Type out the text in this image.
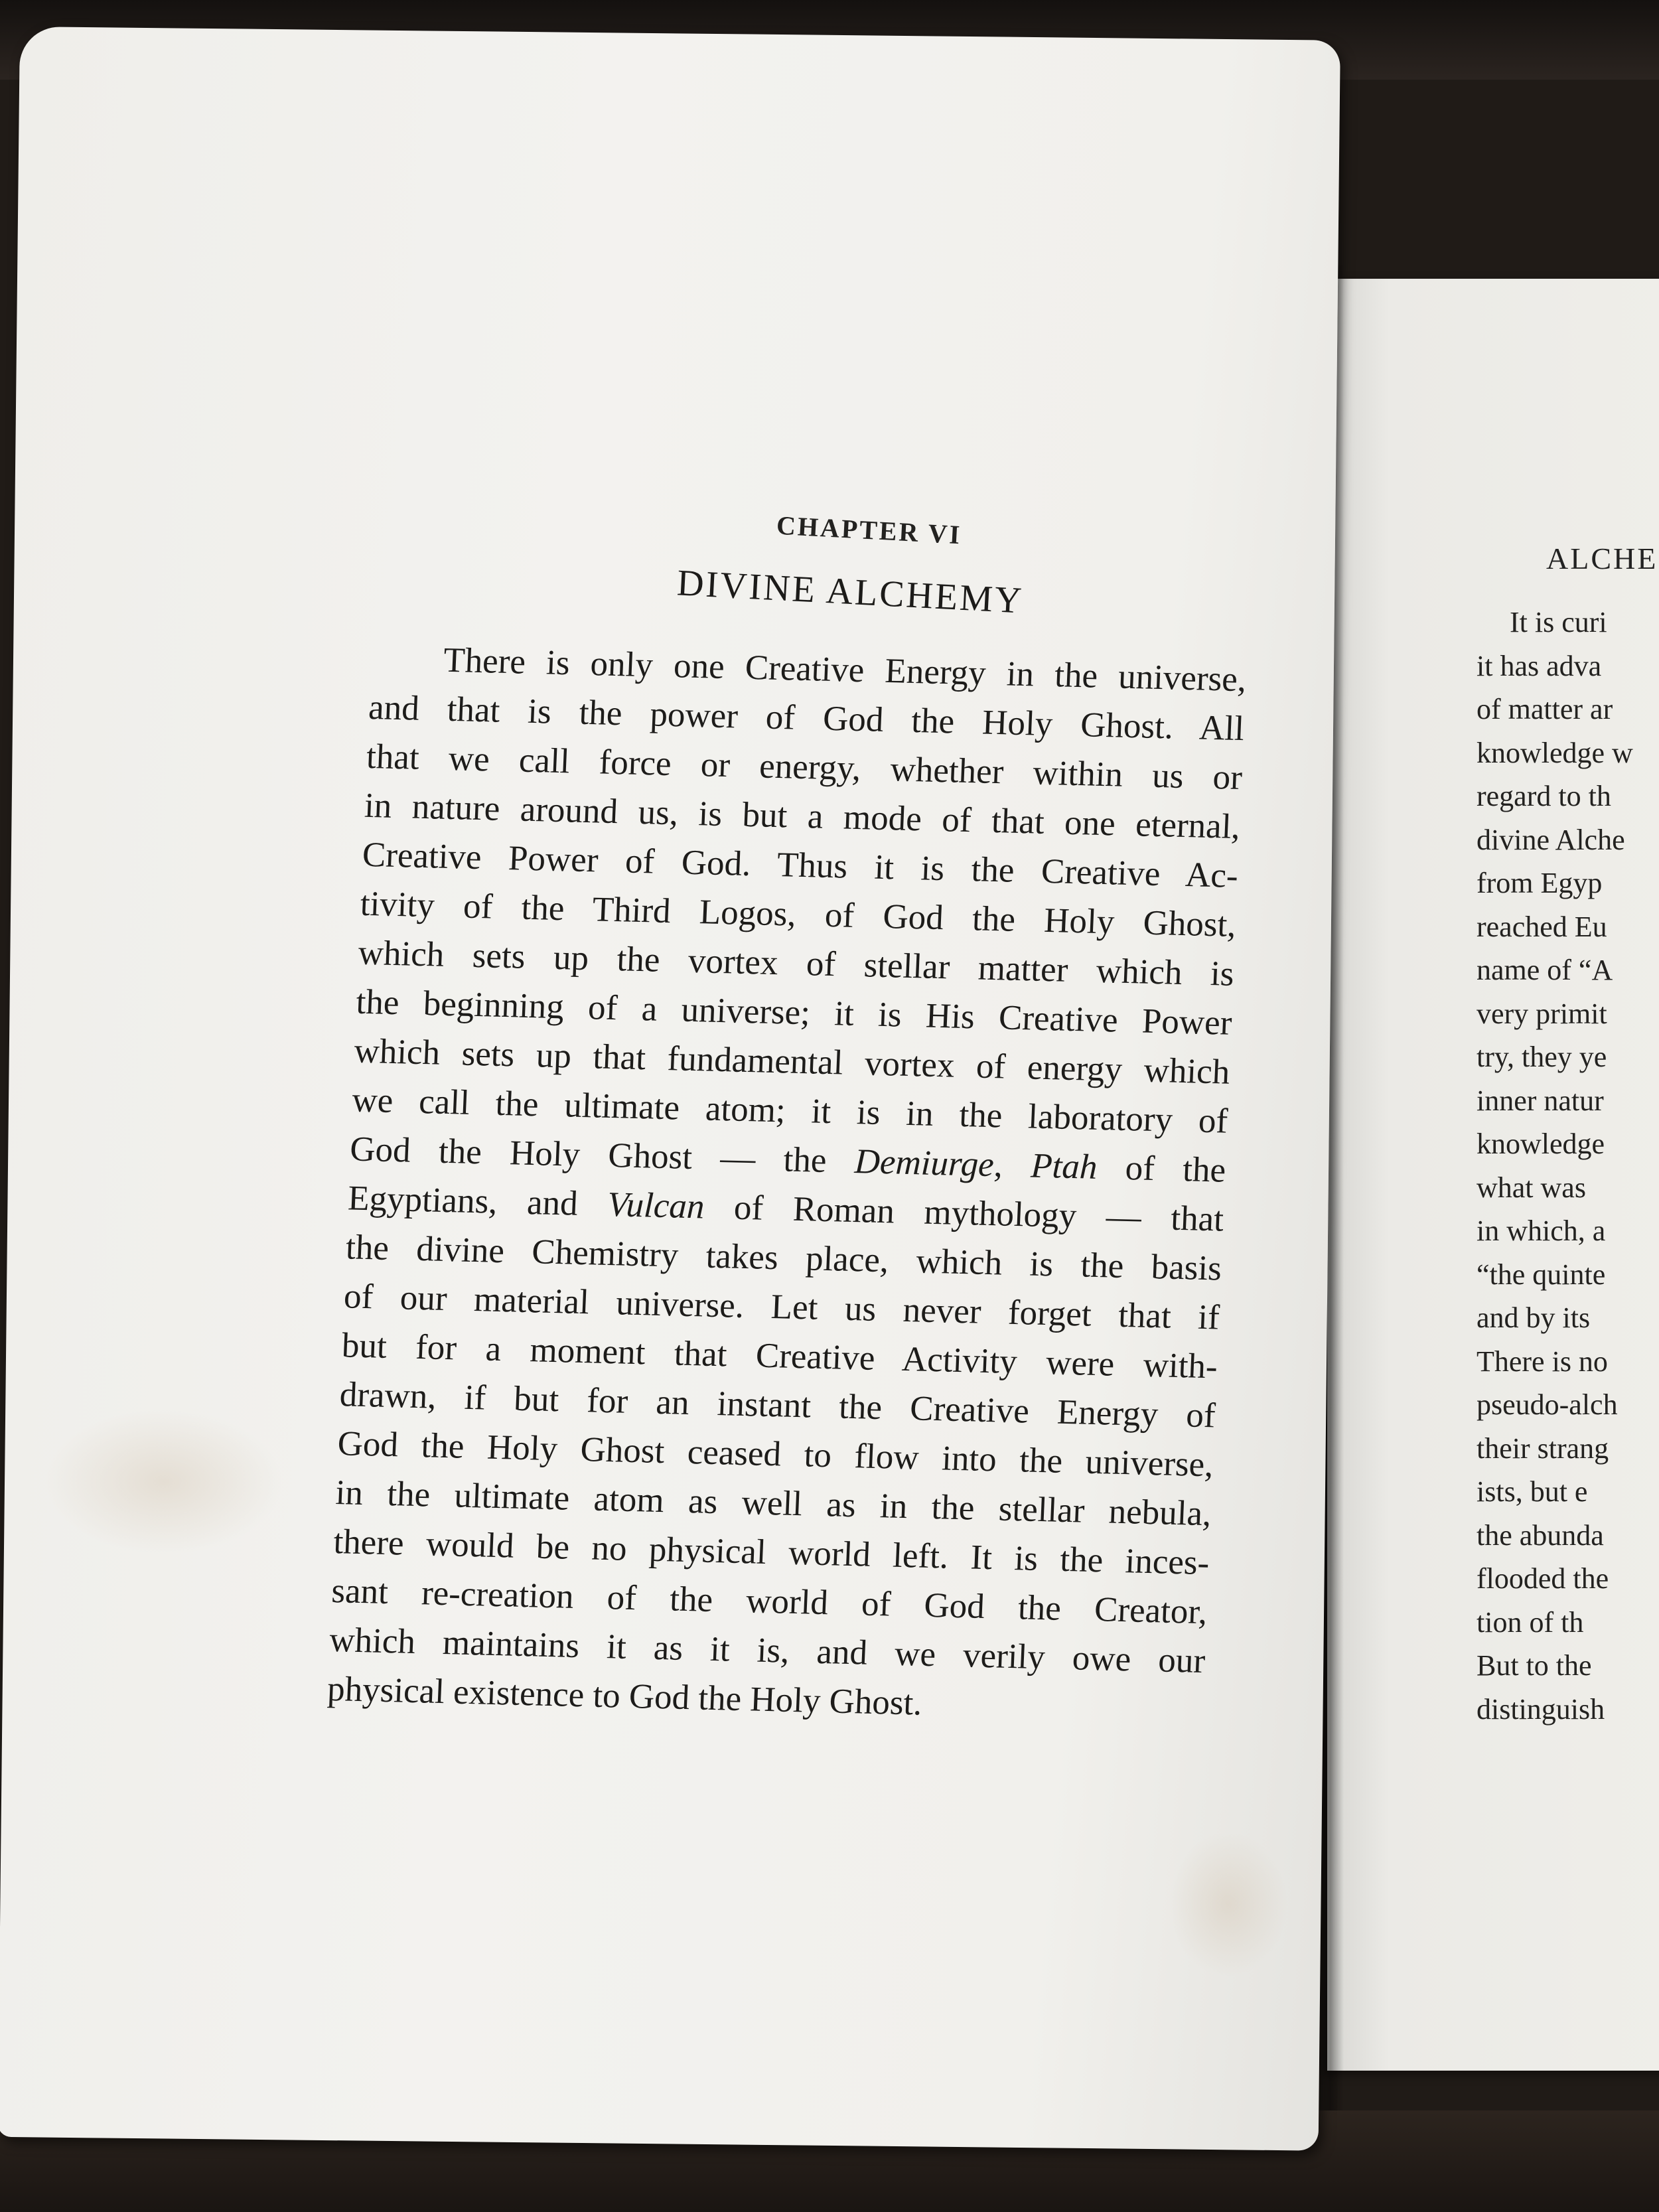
CHAPTER VI
DIVINE ALCHEMY
There is only one Creative Energy in the universe,
and that is the power of God the Holy Ghost. All
that we call force or energy, whether within us or
in nature around us, is but a mode of that one eternal,
Creative Power of God. Thus it is the Creative Ac-
tivity of the Third Logos, of God the Holy Ghost,
which sets up the vortex of stellar matter which is
the beginning of a universe; it is His Creative Power
which sets up that fundamental vortex of energy which
we call the ultimate atom; it is in the laboratory of
God the Holy Ghost — the Demiurge, Ptah of the
Egyptians, and Vulcan of Roman mythology — that
the divine Chemistry takes place, which is the basis
of our material universe. Let us never forget that if
but for a moment that Creative Activity were with-
drawn, if but for an instant the Creative Energy of
God the Holy Ghost ceased to flow into the universe,
in the ultimate atom as well as in the stellar nebula,
there would be no physical world left. It is the inces-
sant re-creation of the world of God the Creator,
which maintains it as it is, and we verily owe our
physical existence to God the Holy Ghost.
ALCHE
It is curi
it has adva
of matter ar
knowledge w
regard to th
divine Alche
from Egyp
reached Eu
name of “A
very primit
try, they ye
inner natur
knowledge
what was
in which, a
“the quinte
and by its
There is no
pseudo-alch
their strang
ists, but e
the abunda
flooded the
tion of th
But to the
distinguish
